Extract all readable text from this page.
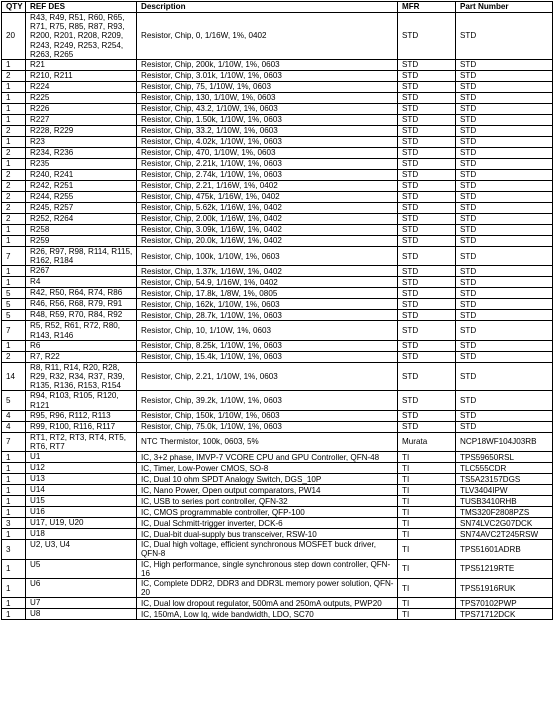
QTY	REF DES	Description	MFR	Part Number
20	R43, R49, R51, R60, R65, R71, R75, R85, R87, R93, R200, R201, R208, R209, R243, R249, R253, R254, R263, R265	Resistor, Chip, 0, 1/16W, 1%, 0402	STD	STD
1	R21	Resistor, Chip, 200k, 1/10W, 1%, 0603	STD	STD
2	R210, R211	Resistor, Chip, 3.01k, 1/10W, 1%, 0603	STD	STD
1	R224	Resistor, Chip, 75, 1/10W, 1%, 0603	STD	STD
1	R225	Resistor, Chip, 130, 1/10W, 1%, 0603	STD	STD
1	R226	Resistor, Chip, 43.2, 1/10W, 1%, 0603	STD	STD
1	R227	Resistor, Chip, 1.50k, 1/10W, 1%, 0603	STD	STD
2	R228, R229	Resistor, Chip, 33.2, 1/10W, 1%, 0603	STD	STD
1	R23	Resistor, Chip, 4.02k, 1/10W, 1%, 0603	STD	STD
2	R234, R236	Resistor, Chip, 470, 1/10W, 1%, 0603	STD	STD
1	R235	Resistor, Chip, 2.21k, 1/10W, 1%, 0603	STD	STD
2	R240, R241	Resistor, Chip, 2.74k, 1/10W, 1%, 0603	STD	STD
2	R242, R251	Resistor, Chip, 2.21, 1/16W, 1%, 0402	STD	STD
2	R244, R255	Resistor, Chip, 475k, 1/16W, 1%, 0402	STD	STD
2	R245, R257	Resistor, Chip, 5.62k, 1/16W, 1%, 0402	STD	STD
2	R252, R264	Resistor, Chip, 2.00k, 1/16W, 1%, 0402	STD	STD
1	R258	Resistor, Chip, 3.09k, 1/16W, 1%, 0402	STD	STD
1	R259	Resistor, Chip, 20.0k, 1/16W, 1%, 0402	STD	STD
7	R26, R97, R98, R114, R115, R162, R184	Resistor, Chip, 100k, 1/10W, 1%, 0603	STD	STD
1	R267	Resistor, Chip, 1.37k, 1/16W, 1%, 0402	STD	STD
1	R4	Resistor, Chip, 54.9, 1/16W, 1%, 0402	STD	STD
5	R42, R50, R64, R74, R86	Resistor, Chip, 17.8k, 1/8W, 1%, 0805	STD	STD
5	R46, R56, R68, R79, R91	Resistor, Chip, 162k, 1/10W, 1%, 0603	STD	STD
5	R48, R59, R70, R84, R92	Resistor, Chip, 28.7k, 1/10W, 1%, 0603	STD	STD
7	R5, R52, R61, R72, R80, R143, R146	Resistor, Chip, 10, 1/10W, 1%, 0603	STD	STD
1	R6	Resistor, Chip, 8.25k, 1/10W, 1%, 0603	STD	STD
2	R7, R22	Resistor, Chip, 15.4k, 1/10W, 1%, 0603	STD	STD
14	R8, R11, R14, R20, R28, R29, R32, R34, R37, R39, R135, R136, R153, R154	Resistor, Chip, 2.21, 1/10W, 1%, 0603	STD	STD
5	R94, R103, R105, R120, R121	Resistor, Chip, 39.2k, 1/10W, 1%, 0603	STD	STD
4	R95, R96, R112, R113	Resistor, Chip, 150k, 1/10W, 1%, 0603	STD	STD
4	R99, R100, R116, R117	Resistor, Chip, 75.0k, 1/10W, 1%, 0603	STD	STD
7	RT1, RT2, RT3, RT4, RT5, RT6, RT7	NTC Thermistor, 100k, 0603, 5%	Murata	NCP18WF104J03RB
1	U1	IC, 3+2 phase, IMVP-7 VCORE CPU and GPU Controller, QFN-48	TI	TPS59650RSL
1	U12	IC, Timer, Low-Power CMOS, SO-8	TI	TLC555CDR
1	U13	IC, Dual 10 ohm SPDT Analogy Switch, DGS_10P	TI	TS5A23157DGS
1	U14	IC, Nano Power, Open output comparators, PW14	TI	TLV3404IPW
1	U15	IC, USB to series port controller, QFN-32	TI	TUSB3410RHB
1	U16	IC, CMOS programmable controller, QFP-100	TI	TMS320F2808PZS
3	U17, U19, U20	IC, Dual Schmitt-trigger inverter, DCK-6	TI	SN74LVC2G07DCK
1	U18	IC, Dual-bit dual-supply bus transceiver, RSW-10	TI	SN74AVC2T245RSW
3	U2, U3, U4	IC, Dual high voltage, efficient synchronous MOSFET buck driver, QFN-8	TI	TPS51601ADRB
1	U5	IC, High performance, single synchronous step down controller, QFN-16	TI	TPS51219RTE
1	U6	IC, Complete DDR2, DDR3 and DDR3L memory power solution, QFN-20	TI	TPS51916RUK
1	U7	IC, Dual low dropout regulator, 500mA and 250mA outputs, PWP20	TI	TPS70102PWP
1	U8	IC, 150mA, Low Iq, wide bandwidth, LDO, SC70	TI	TPS71712DCK
